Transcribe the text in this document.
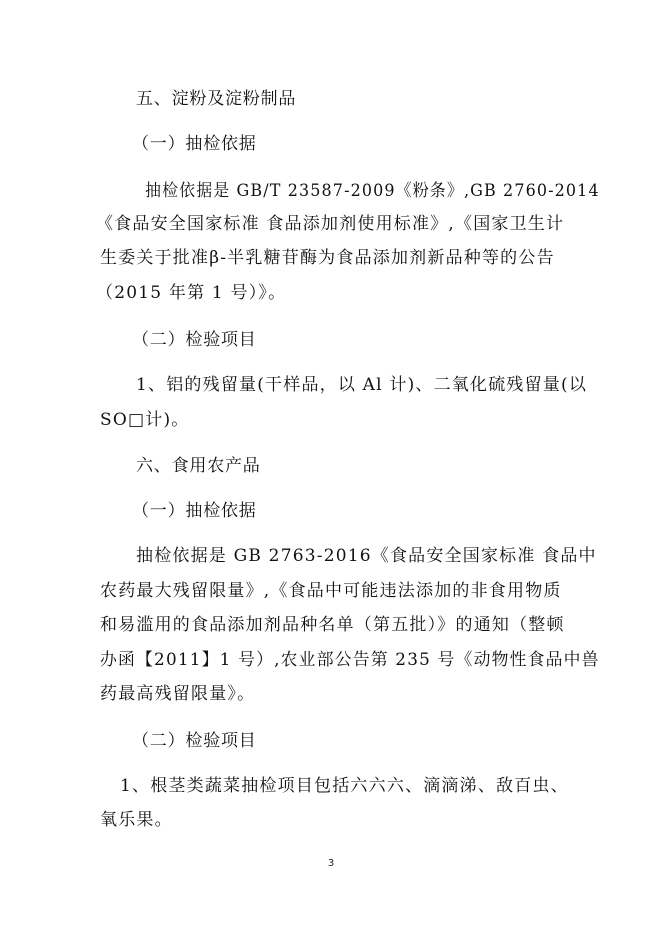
五、淀粉及淀粉制品
（一）抽检依据
抽检依据是 GB/T 23587-2009《粉条》,GB 2760-2014
《食品安全国家标准 食品添加剂使用标准》,《国家卫生计
生委关于批准β-半乳糖苷酶为食品添加剂新品种等的公告
（2015 年第 1 号）》。
（二）检验项目
1、铝的残留量(干样品，以 Al 计)、二氧化硫残留量(以
SO□计)。
六、食用农产品
（一）抽检依据
抽检依据是 GB 2763-2016《食品安全国家标准 食品中
农药最大残留限量》,《食品中可能违法添加的非食用物质
和易滥用的食品添加剂品种名单（第五批）》的通知（整顿
办函【2011】1 号）,农业部公告第 235 号《动物性食品中兽
药最高残留限量》。
（二）检验项目
1、根茎类蔬菜抽检项目包括六六六、滴滴涕、敌百虫、
氧乐果。
3
